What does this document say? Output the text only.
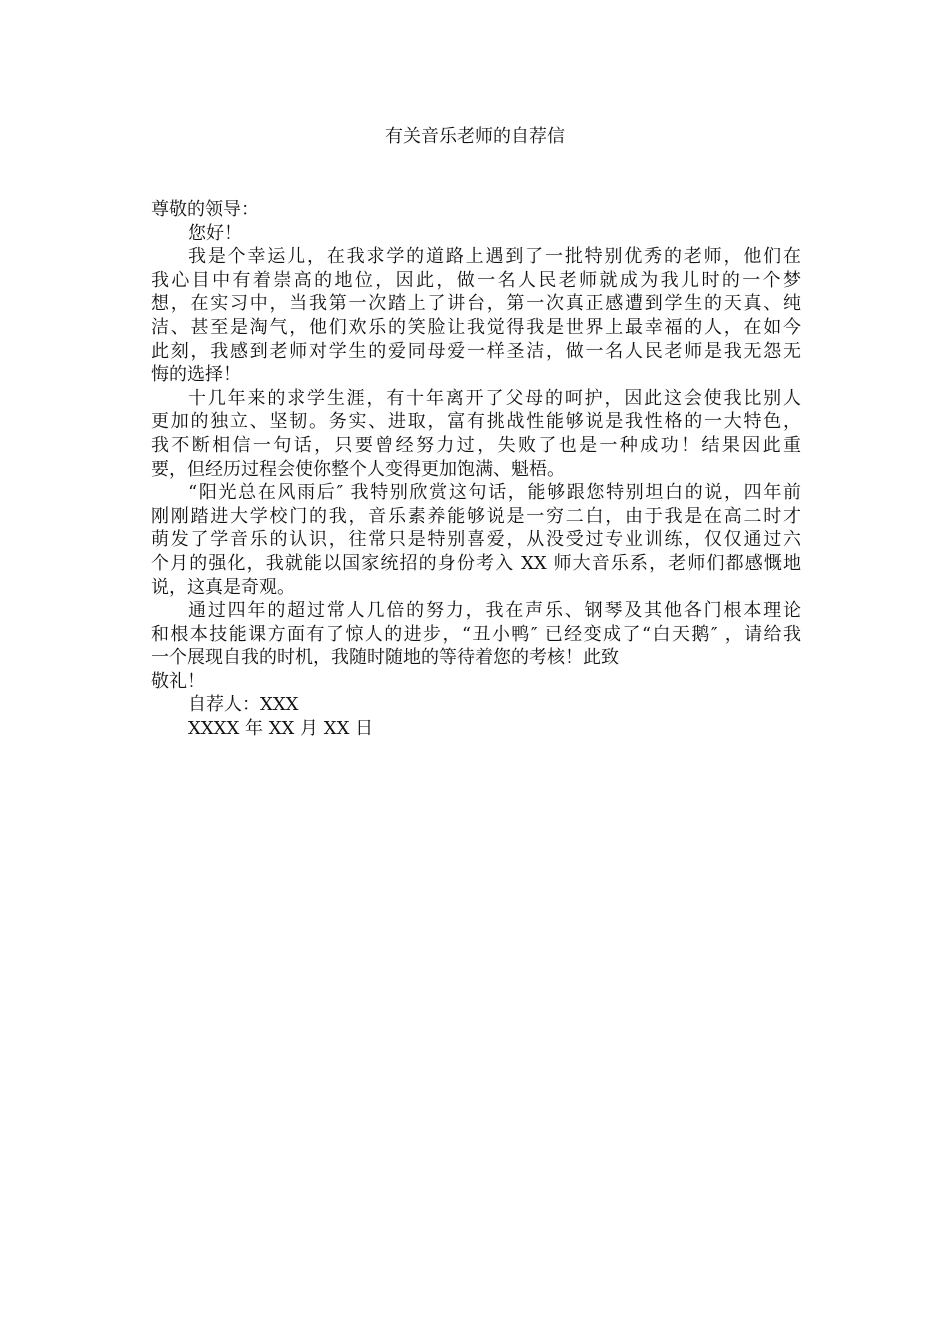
有关音乐老师的自荐信
尊敬的领导：
您好！
我是个幸运儿，在我求学的道路上遇到了一批特别优秀的老师，他们在
我心目中有着崇高的地位，因此，做一名人民老师就成为我儿时的一个梦
想，在实习中，当我第一次踏上了讲台，第一次真正感遭到学生的天真、纯
洁、甚至是淘气，他们欢乐的笑脸让我觉得我是世界上最幸福的人，在如今
此刻，我感到老师对学生的爱同母爱一样圣洁，做一名人民老师是我无怨无
悔的选择！
十几年来的求学生涯，有十年离开了父母的呵护，因此这会使我比别人
更加的独立、坚韧。务实、进取，富有挑战性能够说是我性格的一大特色，
我不断相信一句话，只要曾经努力过，失败了也是一种成功！结果因此重
要，但经历过程会使你整个人变得更加饱满、魁梧。
“阳光总在风雨后″ 我特别欣赏这句话，能够跟您特别坦白的说，四年前
刚刚踏进大学校门的我，音乐素养能够说是一穷二白，由于我是在高二时才
萌发了学音乐的认识，往常只是特别喜爱，从没受过专业训练，仅仅通过六
个月的强化，我就能以国家统招的身份考入 XX 师大音乐系，老师们都感慨地
说，这真是奇观。
通过四年的超过常人几倍的努力，我在声乐、钢琴及其他各门根本理论
和根本技能课方面有了惊人的进步，“丑小鸭″ 已经变成了“白天鹅″ ，请给我
一个展现自我的时机，我随时随地的等待着您的考核！此致
敬礼！
自荐人：XXX
XXXX 年 XX 月 XX 日
